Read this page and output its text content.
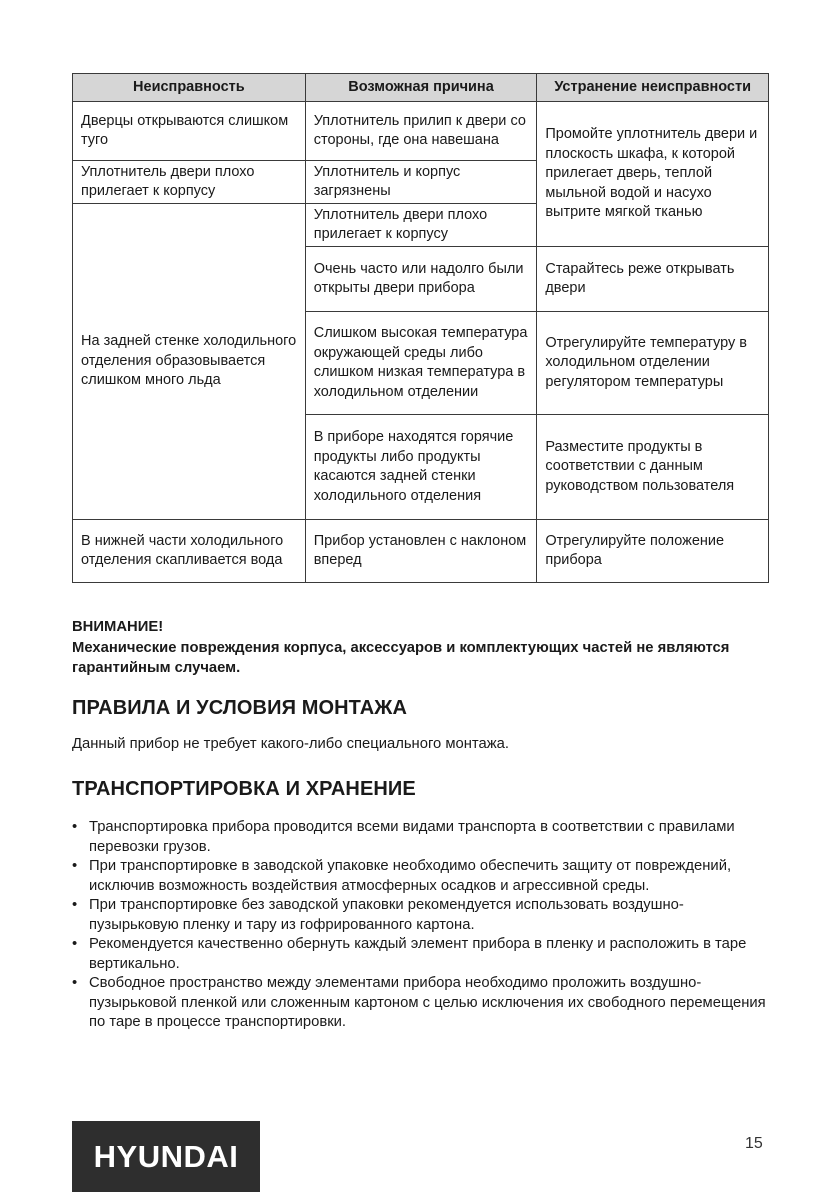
Неисправность	Возможная причина	Устранение неисправности
Дверцы открываются слишком туго	Уплотнитель прилип к двери со стороны, где она навешана	Промойте уплотнитель двери и плоскость шкафа, к которой прилегает дверь, теплой мыльной водой и насухо вытрите мягкой тканью
Уплотнитель двери плохо прилегает к корпусу	Уплотнитель и корпус загрязнены	
На задней стенке холодильного отделения образовывается слишком много льда	Уплотнитель двери плохо прилегает к корпусу	
	Очень часто или надолго были открыты двери прибора	Старайтесь реже открывать двери
	Слишком высокая температура окружающей среды либо слишком низкая температура в холодильном отделении	Отрегулируйте температуру в холодильном отделении регулятором температуры
	В приборе находятся горячие продукты либо продукты касаются задней стенки холодильного отделения	Разместите продукты в соответствии с данным руководством пользователя
В нижней части холодильного отделения скапливается вода	Прибор установлен с наклоном вперед	Отрегулируйте положение прибора
ВНИМАНИЕ!
Механические повреждения корпуса, аксессуаров и комплектующих частей не являются гарантийным случаем.
ПРАВИЛА И УСЛОВИЯ МОНТАЖА
Данный прибор не требует какого-либо специального монтажа.
ТРАНСПОРТИРОВКА И ХРАНЕНИЕ
• Транспортировка прибора проводится всеми видами транспорта в соответствии с правилами перевозки грузов.
• При транспортировке в заводской упаковке необходимо обеспечить защиту от повреждений, исключив возможность воздействия атмосферных осадков и агрессивной среды.
• При транспортировке без заводской упаковки рекомендуется использовать воздушно-пузырьковую пленку и тару из гофрированного картона.
• Рекомендуется качественно обернуть каждый элемент прибора в пленку и расположить в таре вертикально.
• Свободное пространство между элементами прибора необходимо проложить воздушно-пузырьковой пленкой или сложенным картоном с целью исключения их свободного перемещения по таре в процессе транспортировки.
HYUNDAI	15
